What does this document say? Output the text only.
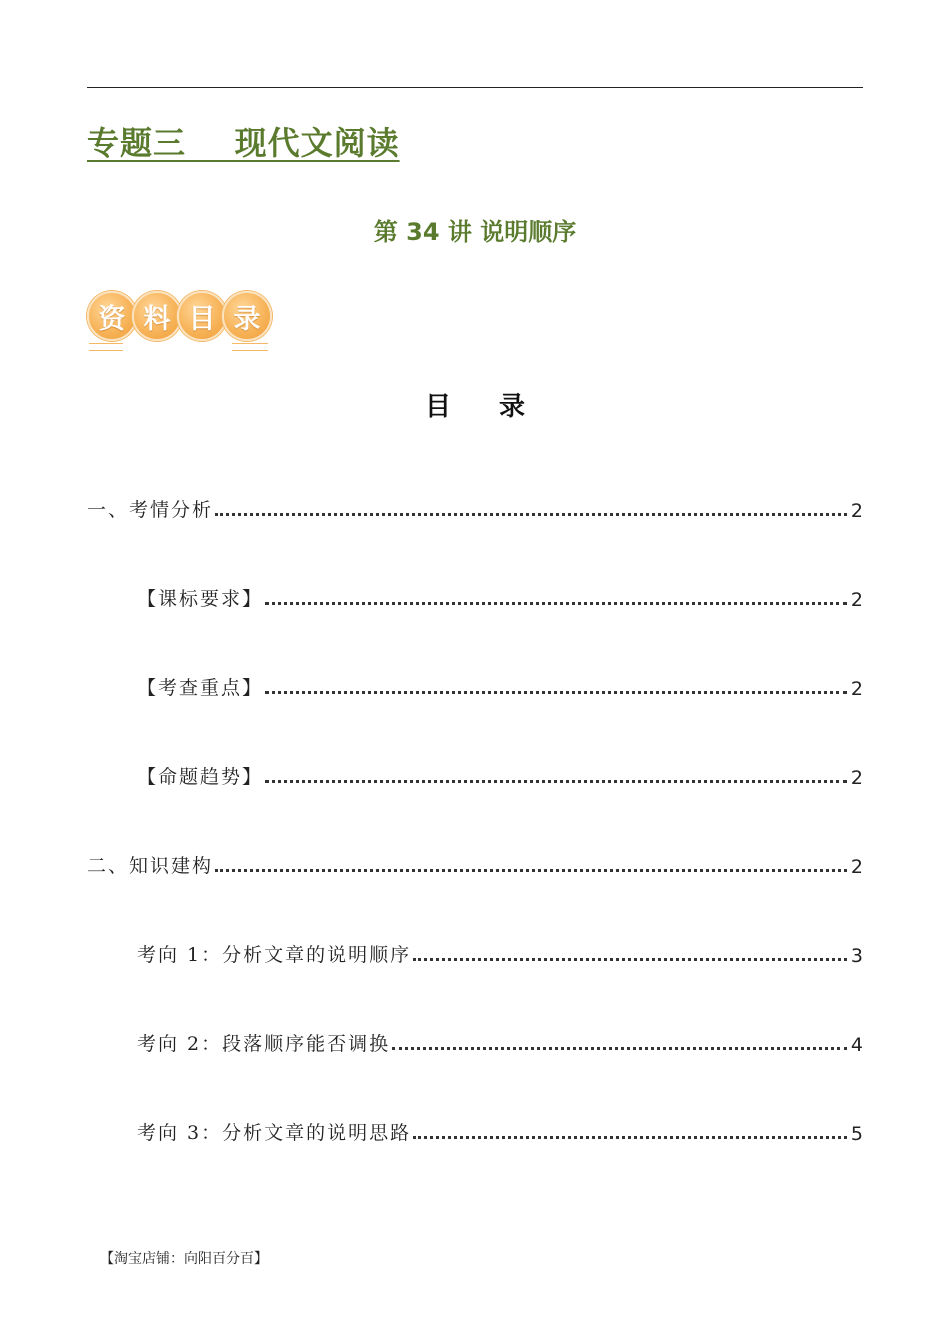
专题三    现代文阅读
第 34 讲 说明顺序
资 料 目 录
目录
一、考情分析	2
【课标要求】	2
【考查重点】	2
【命题趋势】	2
二、知识建构	2
考向 1：分析文章的说明顺序	3
考向 2：段落顺序能否调换	4
考向 3：分析文章的说明思路	5
【淘宝店铺：向阳百分百】
